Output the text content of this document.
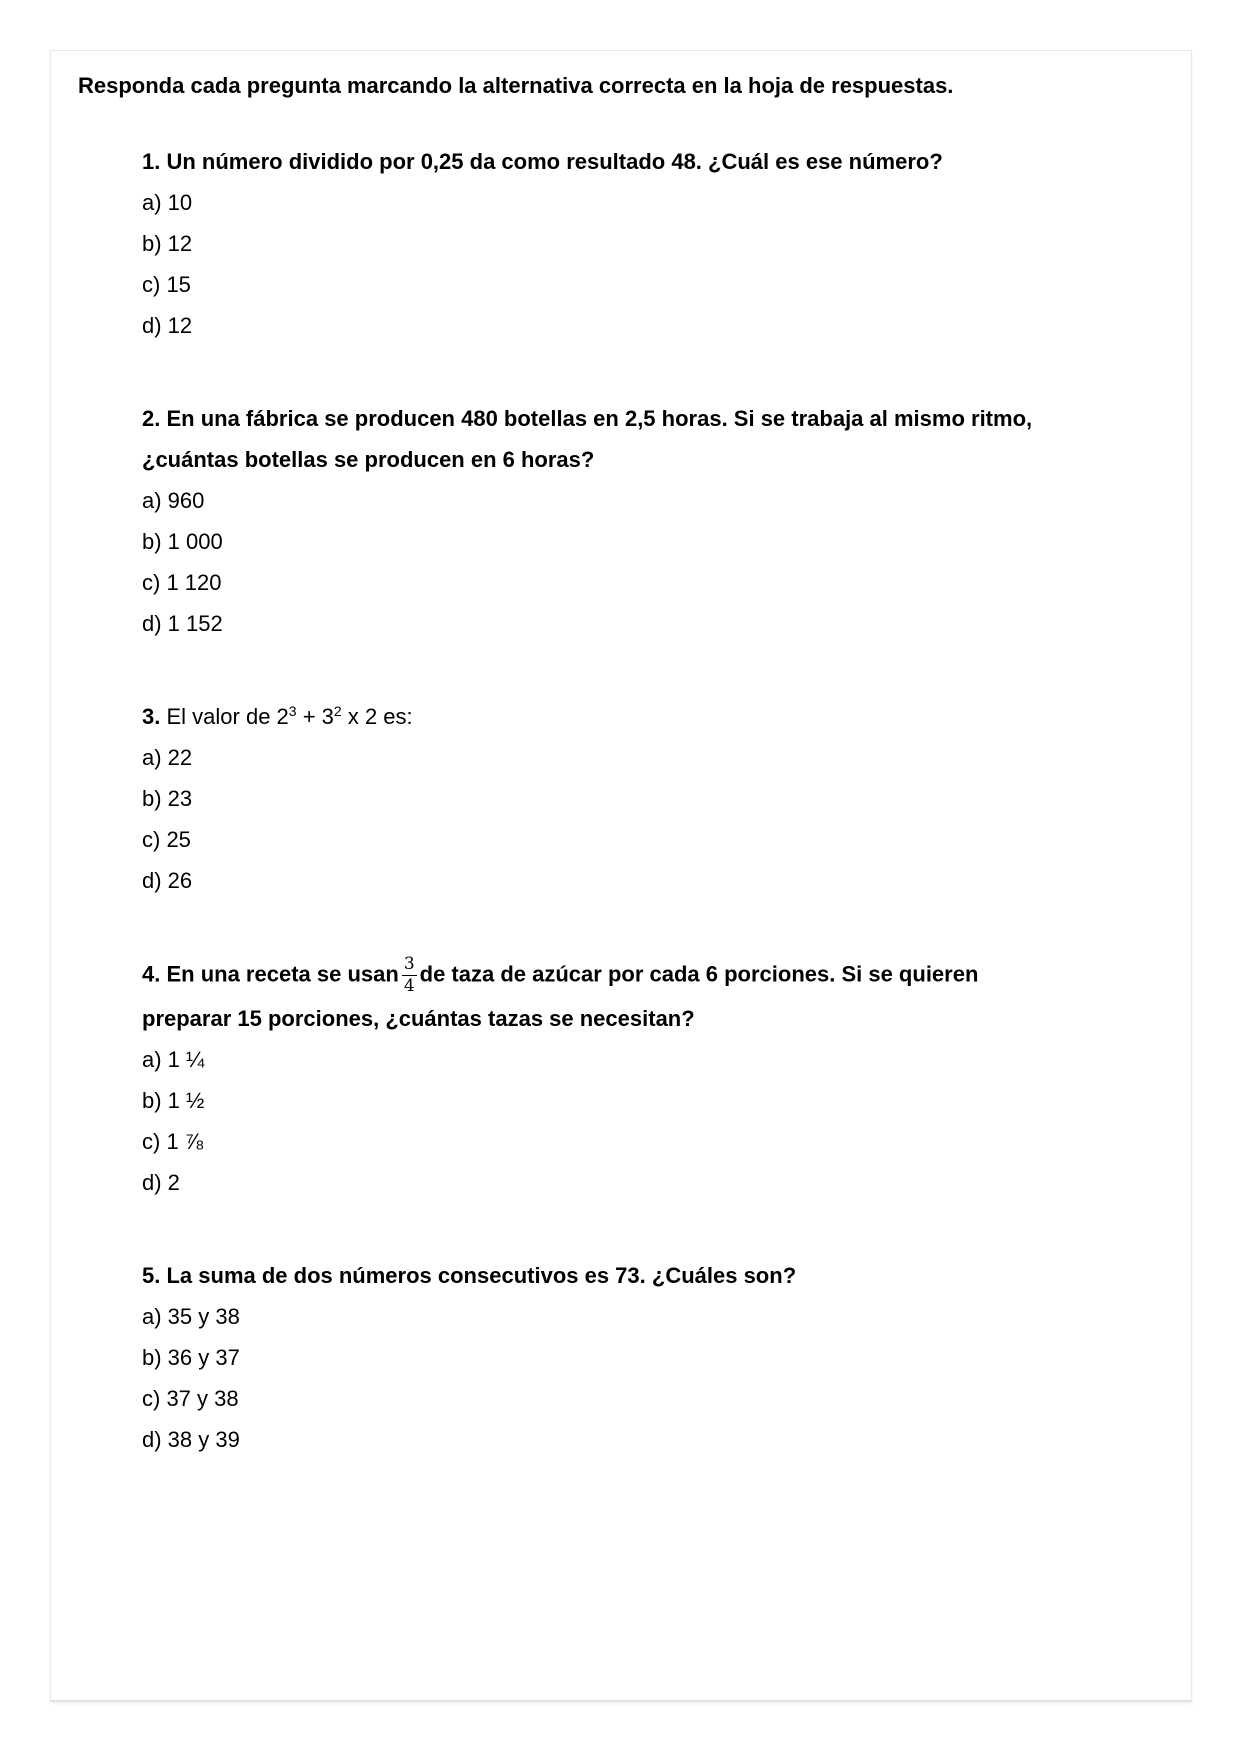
Responda cada pregunta marcando la alternativa correcta en la hoja de respuestas.

1. Un número dividido por 0,25 da como resultado 48. ¿Cuál es ese número?
a) 10
b) 12
c) 15
d) 12
2. En una fábrica se producen 480 botellas en 2,5 horas. Si se trabaja al mismo ritmo,
¿cuántas botellas se producen en 6 horas?
a) 960
b) 1 000
c) 1 120
d) 1 152
3. El valor de $2^3 + 3^2$ x 2 es:
a) 22
b) 23
c) 25
d) 26
4. En una receta se usan $\frac{3}{4}$ de taza de azúcar por cada 6 porciones. Si se quieren
preparar 15 porciones, ¿cuántas tazas se necesitan?
a) 1 ¼
b) 1 ½
c) 1 ⅞
d) 2
5. La suma de dos números consecutivos es 73. ¿Cuáles son?
a) 35 y 38
b) 36 y 37
c) 37 y 38
d) 38 y 39
